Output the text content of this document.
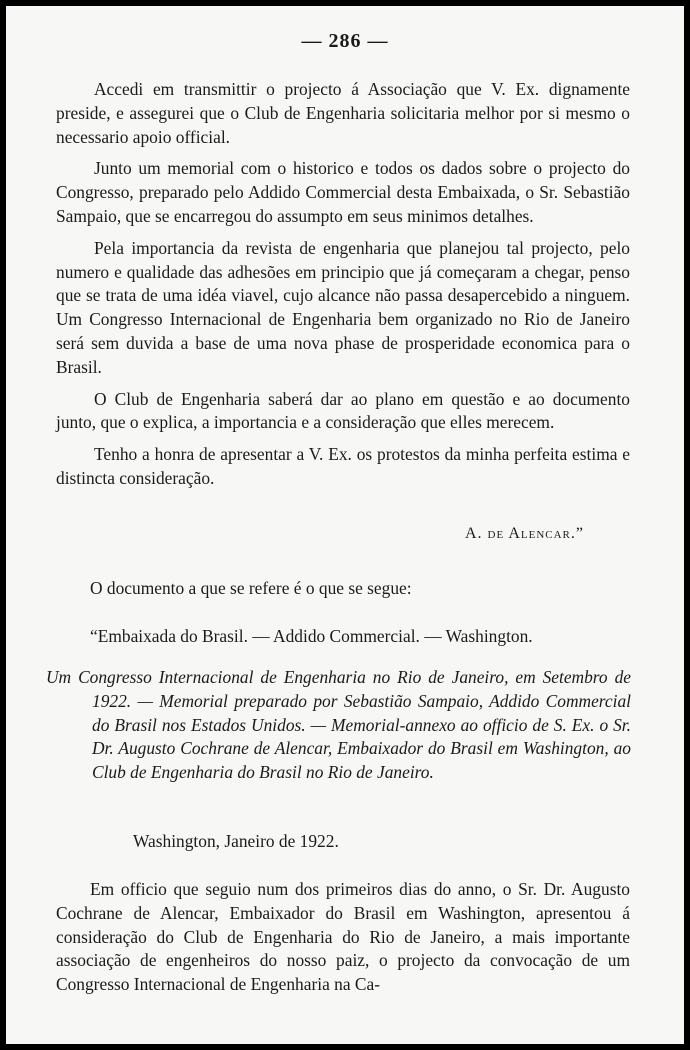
— 286 —

Accedi em transmittir o projecto á Associação que V. Ex. dignamente preside, e assegurei que o Club de Engenharia solicitaria melhor por si mesmo o necessario apoio official.

Junto um memorial com o historico e todos os dados sobre o projecto do Congresso, preparado pelo Addido Commercial desta Embaixada, o Sr. Sebastião Sampaio, que se encarregou do assumpto em seus minimos detalhes.

Pela importancia da revista de engenharia que planejou tal projecto, pelo numero e qualidade das adhesões em principio que já começaram a chegar, penso que se trata de uma idéa viavel, cujo alcance não passa desapercebido a ninguem. Um Congresso Internacional de Engenharia bem organizado no Rio de Janeiro será sem duvida a base de uma nova phase de prosperidade economica para o Brasil.

O Club de Engenharia saberá dar ao plano em questão e ao documento junto, que o explica, a importancia e a consideração que elles merecem.

Tenho a honra de apresentar a V. Ex. os protestos da minha perfeita estima e distincta consideração.

A. de Alencar.”
O documento a que se refere é o que se segue:
“Embaixada do Brasil. — Addido Commercial. — Washington.
Um Congresso Internacional de Engenharia no Rio de Janeiro, em Setembro de 1922. — Memorial preparado por Sebastião Sampaio, Addido Commercial do Brasil nos Estados Unidos. — Memorial-annexo ao officio de S. Ex. o Sr. Dr. Augusto Cochrane de Alencar, Embaixador do Brasil em Washington, ao Club de Engenharia do Brasil no Rio de Janeiro.
Washington, Janeiro de 1922.

Em officio que seguio num dos primeiros dias do anno, o Sr. Dr. Augusto Cochrane de Alencar, Embaixador do Brasil em Washington, apresentou á consideração do Club de Engenharia do Rio de Janeiro, a mais importante associação de engenheiros do nosso paiz, o projecto da convocação de um Congresso Internacional de Engenharia na Ca-
